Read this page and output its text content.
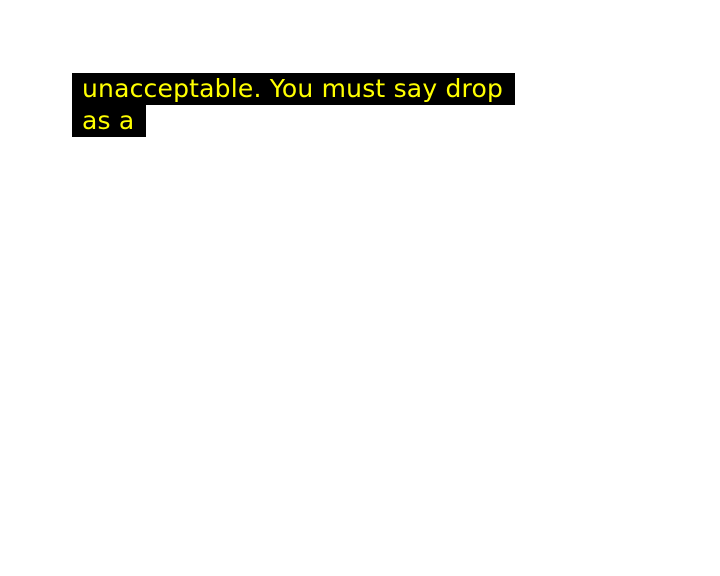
unacceptable. You must say drop
as a
